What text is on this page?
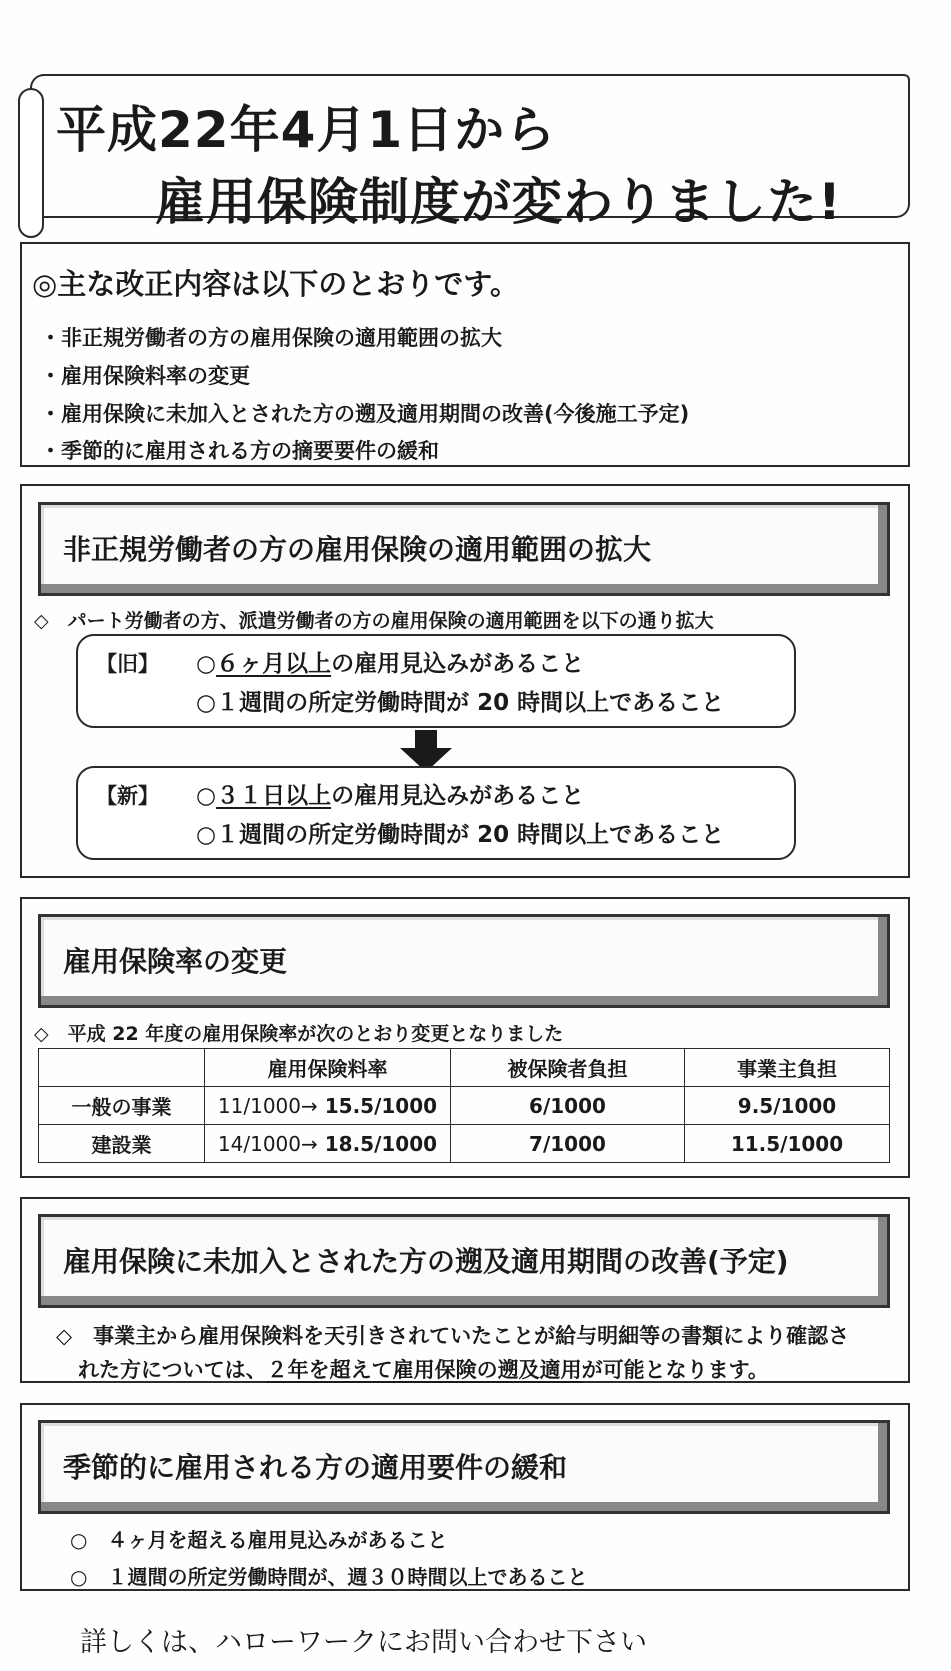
平成22年4月1日から
雇用保険制度が変わりました!
◎主な改正内容は以下のとおりです。
・非正規労働者の方の雇用保険の適用範囲の拡大
・雇用保険料率の変更
・雇用保険に未加入とされた方の遡及適用期間の改善(今後施工予定)
・季節的に雇用される方の摘要要件の緩和
非正規労働者の方の雇用保険の適用範囲の拡大
◇　パート労働者の方、派遣労働者の方の雇用保険の適用範囲を以下の通り拡大
【旧】 ○６ヶ月以上の雇用見込みがあること
○１週間の所定労働時間が 20 時間以上であること
【新】 ○３１日以上の雇用見込みがあること
○１週間の所定労働時間が 20 時間以上であること
雇用保険率の変更
◇　平成 22 年度の雇用保険率が次のとおり変更となりました
	雇用保険料率	被保険者負担	事業主負担
一般の事業	11/1000→ 15.5/1000	6/1000	9.5/1000
建設業	14/1000→ 18.5/1000	7/1000	11.5/1000
雇用保険に未加入とされた方の遡及適用期間の改善(予定)
◇　事業主から雇用保険料を天引きされていたことが給与明細等の書類により確認さ
れた方については、２年を超えて雇用保険の遡及適用が可能となります。
季節的に雇用される方の適用要件の緩和
○　４ヶ月を超える雇用見込みがあること
○　１週間の所定労働時間が、週３０時間以上であること
詳しくは、ハローワークにお問い合わせ下さい
